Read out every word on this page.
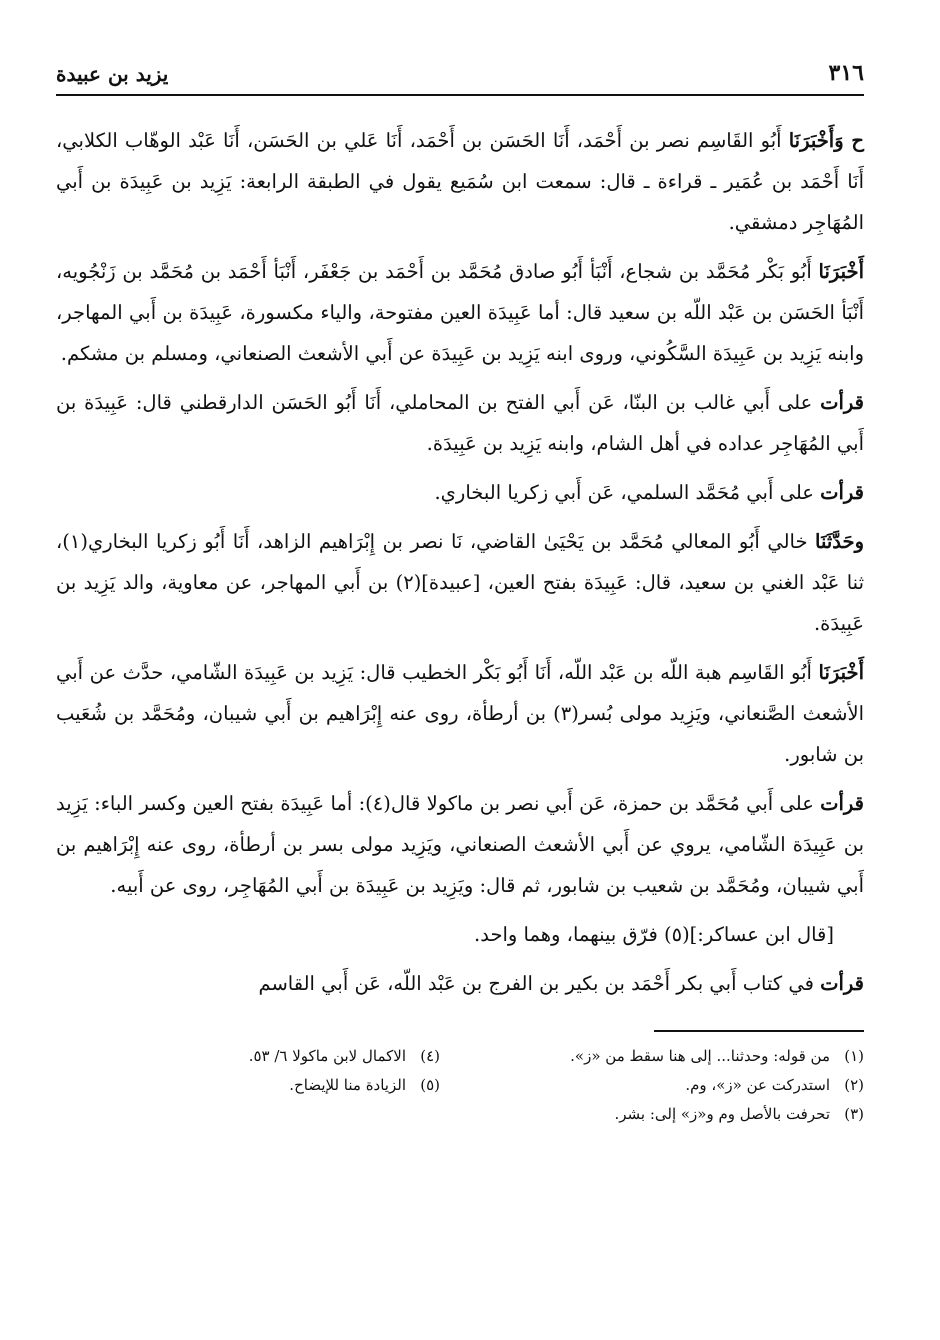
٣١٦
يزيد بن عبيدة

ح وَأَخْبَرَنَا أَبُو القَاسِم نصر بن أَحْمَد، أَنَا الحَسَن بن أَحْمَد، أَنَا عَلي بن الحَسَن، أَنَا عَبْد الوهّاب الكلابي، أَنَا أَحْمَد بن عُمَير ـ قراءة ـ قال: سمعت ابن سُمَيع يقول في الطبقة الرابعة: يَزِيد بن عَبِيدَة بن أَبي المُهَاجِر دمشقي.

أَخْبَرَنَا أَبُو بَكْر مُحَمَّد بن شجاع، أَنْبَأ أَبُو صادق مُحَمَّد بن أَحْمَد بن جَعْفَر، أَنْبَأ أَحْمَد بن مُحَمَّد بن زَنْجُويه، أَنْبَأ الحَسَن بن عَبْد اللّه بن سعيد قال: أما عَبِيدَة العين مفتوحة، والياء مكسورة، عَبِيدَة بن أَبي المهاجر، وابنه يَزِيد بن عَبِيدَة السَّكُوني، وروى ابنه يَزِيد بن عَبِيدَة عن أَبي الأشعث الصنعاني، ومسلم بن مشكم.

قرأت على أَبي غالب بن البنّا، عَن أَبي الفتح بن المحاملي، أَنَا أَبُو الحَسَن الدارقطني قال: عَبِيدَة بن أَبي المُهَاجِر عداده في أهل الشام، وابنه يَزِيد بن عَبِيدَة.

قرأت على أَبي مُحَمَّد السلمي، عَن أَبي زكريا البخاري.

وحَدَّثَنَا خالي أَبُو المعالي مُحَمَّد بن يَحْيَىٰ القاضي، نَا نصر بن إِبْرَاهيم الزاهد، أَنَا أَبُو زكريا البخاري(١)، ثنا عَبْد الغني بن سعيد، قال: عَبِيدَة بفتح العين، [عبيدة](٢) بن أَبي المهاجر، عن معاوية، والد يَزِيد بن عَبِيدَة.

أَخْبَرَنَا أَبُو القَاسِم هبة اللّه بن عَبْد اللّه، أَنَا أَبُو بَكْر الخطيب قال: يَزِيد بن عَبِيدَة الشّامي، حدَّث عن أَبي الأشعث الصَّنعاني، ويَزِيد مولى بُسر(٣) بن أرطأة، روى عنه إِبْرَاهيم بن أَبي شيبان، ومُحَمَّد بن شُعَيب بن شابور.

قرأت على أَبي مُحَمَّد بن حمزة، عَن أَبي نصر بن ماكولا قال(٤): أما عَبِيدَة بفتح العين وكسر الباء: يَزِيد بن عَبِيدَة الشّامي، يروي عن أَبي الأشعث الصنعاني، ويَزِيد مولى بسر بن أرطأة، روى عنه إِبْرَاهيم بن أَبي شيبان، ومُحَمَّد بن شعيب بن شابور، ثم قال: ويَزِيد بن عَبِيدَة بن أَبي المُهَاجِر، روى عن أَبيه.

[قال ابن عساكر:](٥) فرّق بينهما، وهما واحد.

قرأت في كتاب أَبي بكر أَحْمَد بن بكير بن الفرج بن عَبْد اللّه، عَن أَبي القاسم

(١)
من قوله: وحدثنا... إلى هنا سقط من «ز».
(٢)
استدركت عن «ز»، وم.
(٣)
تحرفت بالأصل وم و«ز» إلى: بشر.
(٤)
الاكمال لابن ماكولا ٦/ ٥٣.
(٥)
الزيادة منا للإيضاح.
